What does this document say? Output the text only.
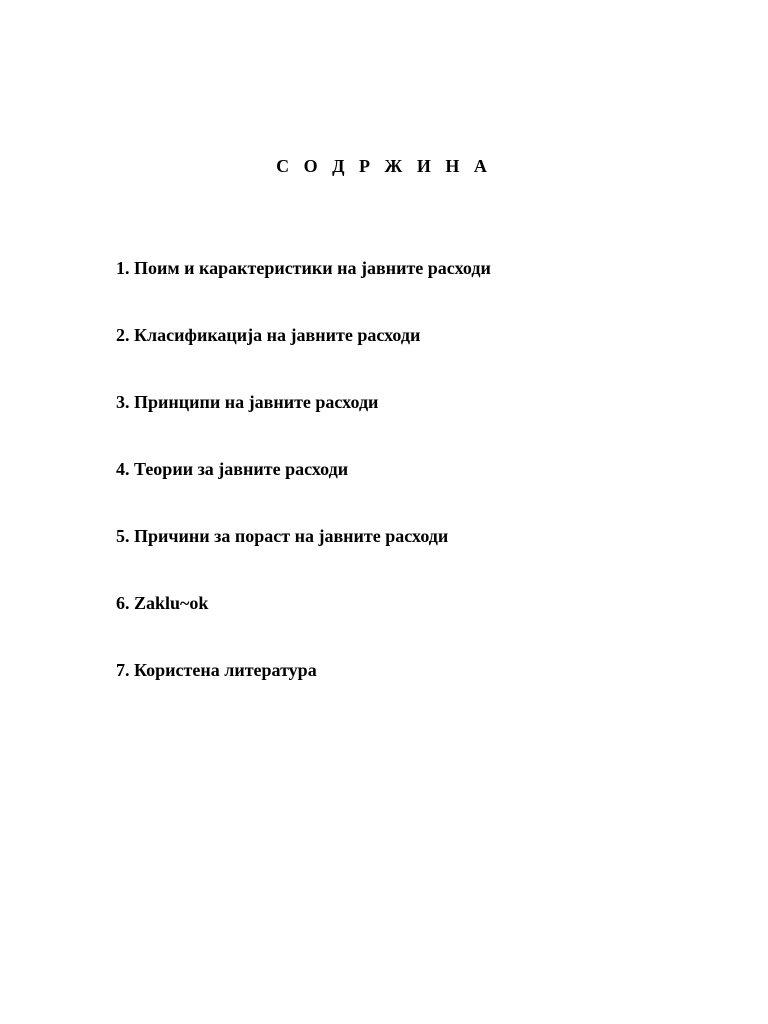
С О Д Р Ж И Н А
1. Поим и карактеристики на јавните расходи
2. Класификација на јавните расходи
3. Принципи на јавните расходи
4. Теории за јавните расходи
5. Причини за пораст на јавните расходи
6. Zaklu~ok
7. Користена литература
